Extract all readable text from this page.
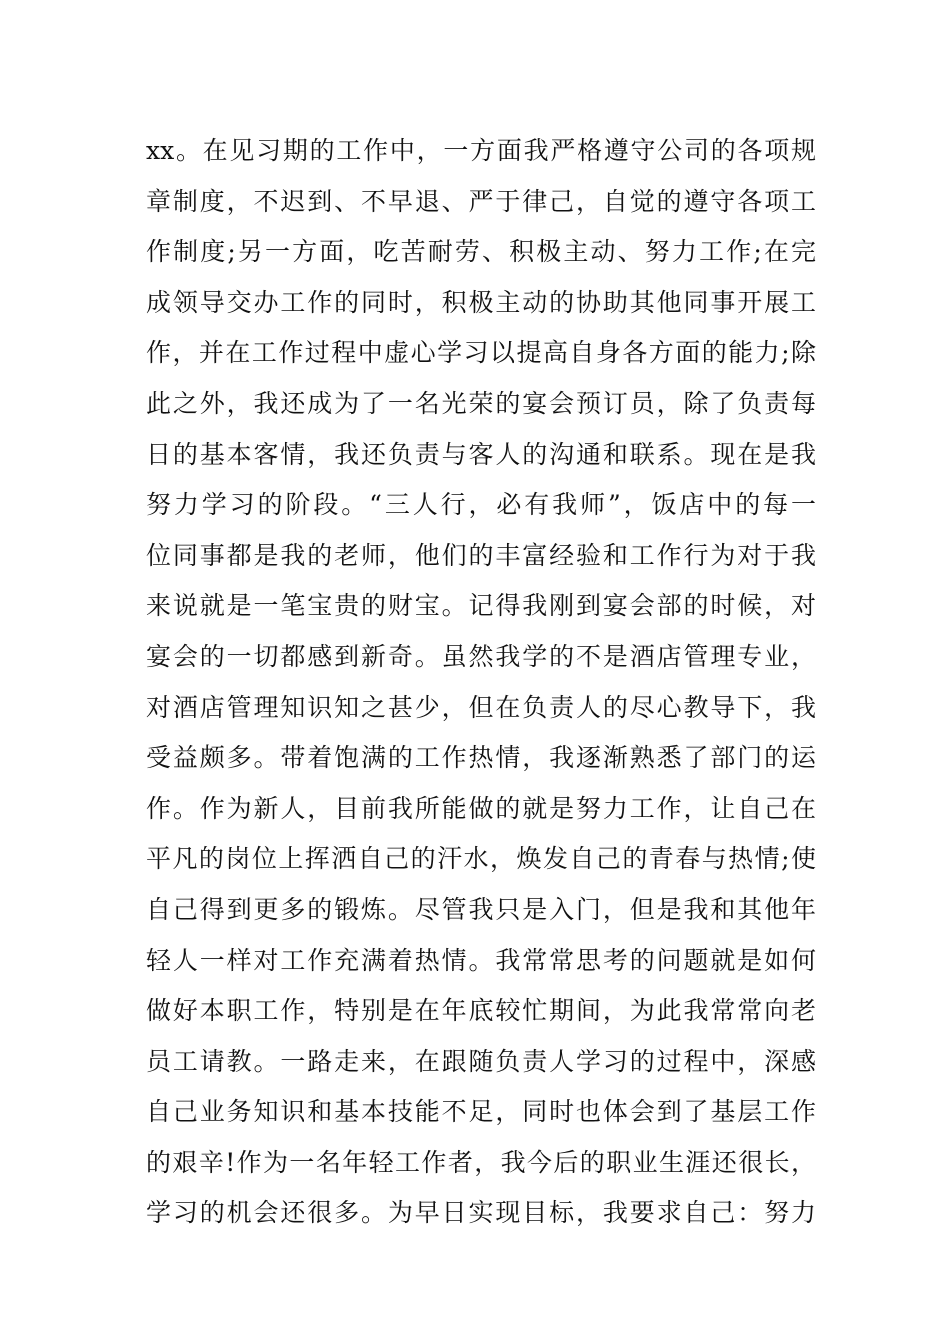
xx。在见习期的工作中，一方面我严格遵守公司的各项规
章制度，不迟到、不早退、严于律己，自觉的遵守各项工
作制度;另一方面，吃苦耐劳、积极主动、努力工作;在完
成领导交办工作的同时，积极主动的协助其他同事开展工
作，并在工作过程中虚心学习以提高自身各方面的能力;除
此之外，我还成为了一名光荣的宴会预订员，除了负责每
日的基本客情，我还负责与客人的沟通和联系。现在是我
努力学习的阶段。“三人行，必有我师”，饭店中的每一
位同事都是我的老师，他们的丰富经验和工作行为对于我
来说就是一笔宝贵的财宝。记得我刚到宴会部的时候，对
宴会的一切都感到新奇。虽然我学的不是酒店管理专业，
对酒店管理知识知之甚少，但在负责人的尽心教导下，我
受益颇多。带着饱满的工作热情，我逐渐熟悉了部门的运
作。作为新人，目前我所能做的就是努力工作，让自己在
平凡的岗位上挥洒自己的汗水，焕发自己的青春与热情;使
自己得到更多的锻炼。尽管我只是入门，但是我和其他年
轻人一样对工作充满着热情。我常常思考的问题就是如何
做好本职工作，特别是在年底较忙期间，为此我常常向老
员工请教。一路走来，在跟随负责人学习的过程中，深感
自己业务知识和基本技能不足，同时也体会到了基层工作
的艰辛!作为一名年轻工作者，我今后的职业生涯还很长，
学习的机会还很多。为早日实现目标，我要求自己：努力
